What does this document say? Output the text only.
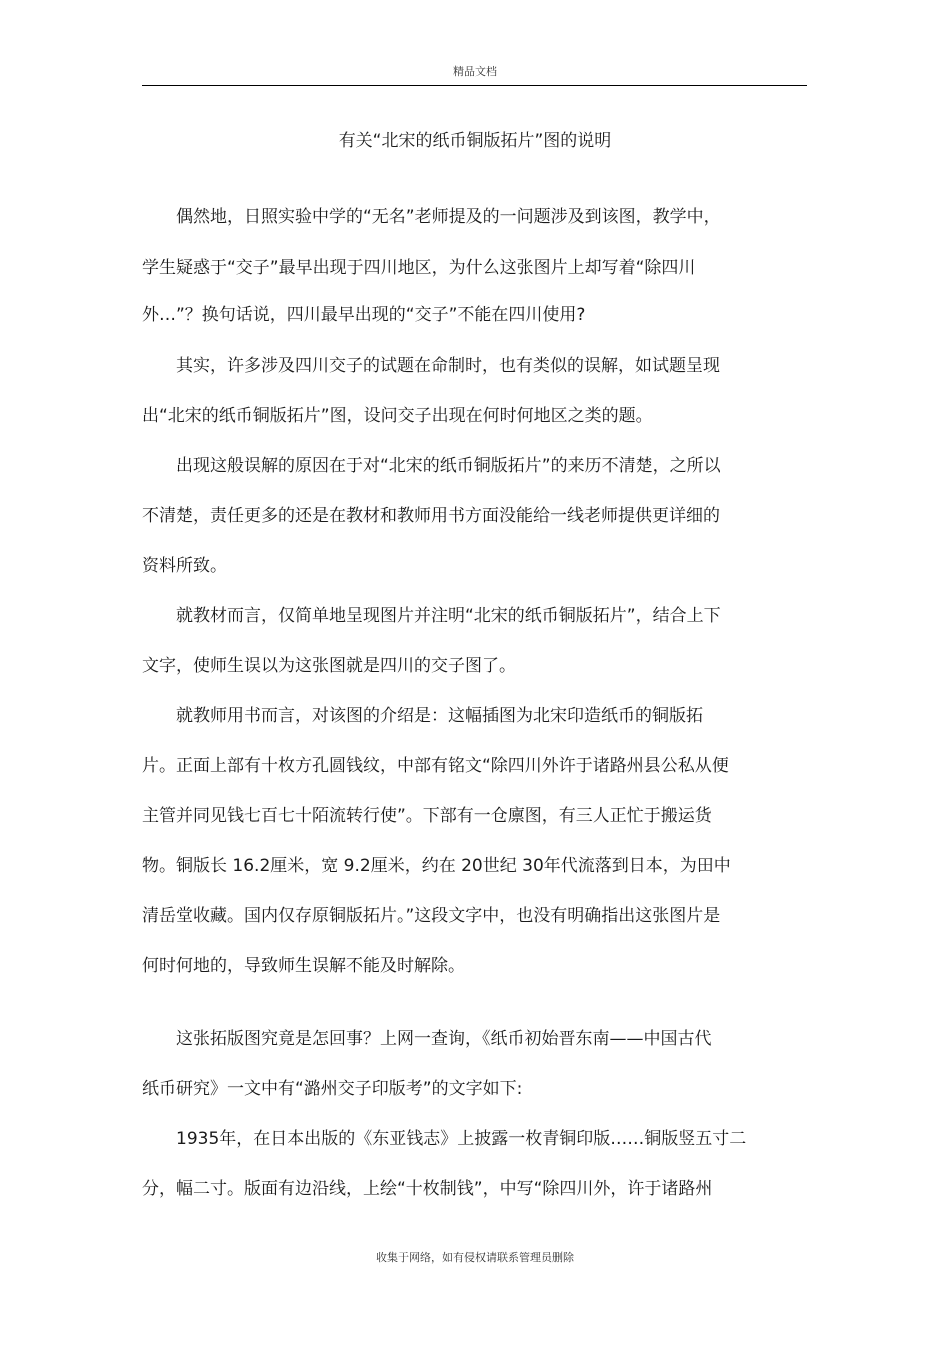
精品文档
有关“北宋的纸币铜版拓片”图的说明
　　偶然地，日照实验中学的“无名”老师提及的一问题涉及到该图，教学中，
学生疑惑于“交子”最早出现于四川地区，为什么这张图片上却写着“除四川
外…”？换句话说，四川最早出现的“交子”不能在四川使用?
　　其实，许多涉及四川交子的试题在命制时，也有类似的误解，如试题呈现
出“北宋的纸币铜版拓片”图，设问交子出现在何时何地区之类的题。
　　出现这般误解的原因在于对“北宋的纸币铜版拓片”的来历不清楚，之所以
不清楚，责任更多的还是在教材和教师用书方面没能给一线老师提供更详细的
资料所致。
　　就教材而言，仅简单地呈现图片并注明“北宋的纸币铜版拓片”，结合上下
文字，使师生误以为这张图就是四川的交子图了。
　　就教师用书而言，对该图的介绍是：这幅插图为北宋印造纸币的铜版拓
片。正面上部有十枚方孔圆钱纹，中部有铭文“除四川外许于诸路州县公私从便
主管并同见钱七百七十陌流转行使”。下部有一仓廪图，有三人正忙于搬运货
物。铜版长 16.2厘米，宽 9.2厘米，约在 20世纪 30年代流落到日本，为田中
清岳堂收藏。国内仅存原铜版拓片。”这段文字中，也没有明确指出这张图片是
何时何地的，导致师生误解不能及时解除。
　　这张拓版图究竟是怎回事？上网一查询，《纸币初始晋东南——中国古代
纸币研究》一文中有“潞州交子印版考”的文字如下:
　　1935年，在日本出版的《东亚钱志》上披露一枚青铜印版……铜版竖五寸二
分，幅二寸。版面有边沿线，上绘“十枚制钱”，中写“除四川外，许于诸路州
收集于网络，如有侵权请联系管理员删除
